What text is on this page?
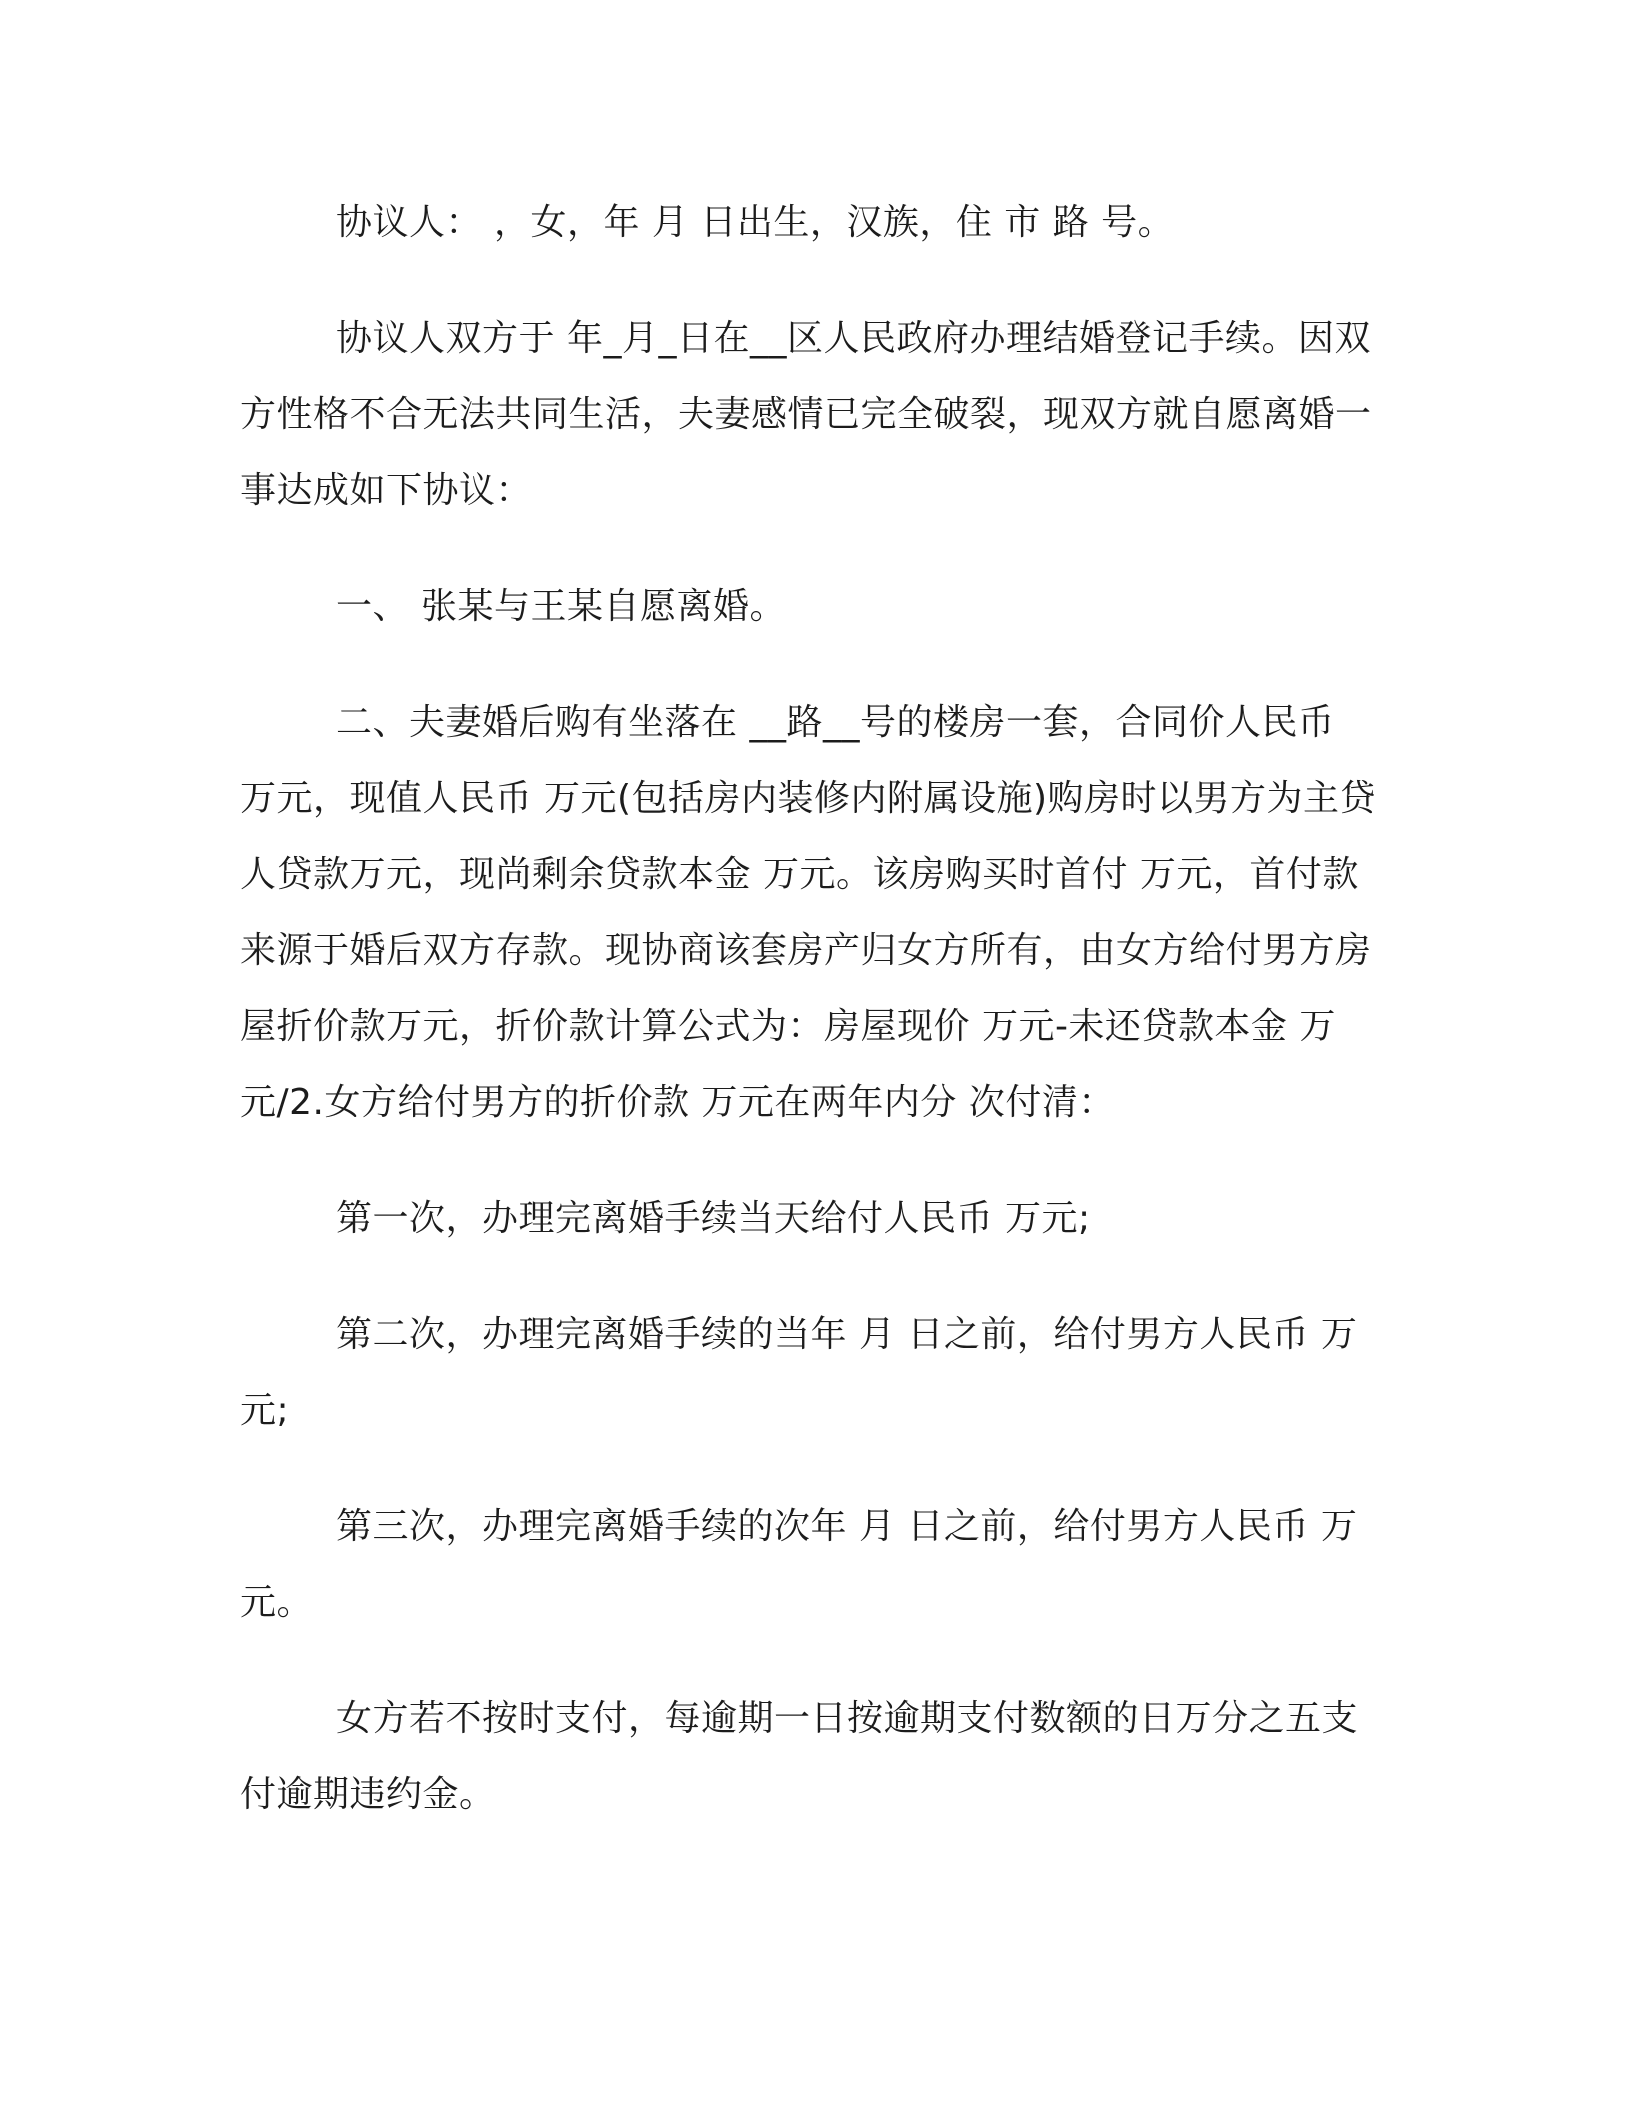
协议人： ，女，年 月 日出生，汉族，住 市 路 号。

协议人双方于 年_月_日在__区人民政府办理结婚登记手续。因双方性格不合无法共同生活，夫妻感情已完全破裂，现双方就自愿离婚一事达成如下协议：

一、 张某与王某自愿离婚。

二、夫妻婚后购有坐落在 __路__号的楼房一套，合同价人民币 万元，现值人民币 万元(包括房内装修内附属设施)购房时以男方为主贷人贷款万元，现尚剩余贷款本金 万元。该房购买时首付 万元，首付款来源于婚后双方存款。现协商该套房产归女方所有，由女方给付男方房屋折价款万元，折价款计算公式为：房屋现价 万元-未还贷款本金 万元/2.女方给付男方的折价款 万元在两年内分 次付清：

第一次，办理完离婚手续当天给付人民币 万元;

第二次，办理完离婚手续的当年 月 日之前，给付男方人民币 万元;

第三次，办理完离婚手续的次年 月 日之前，给付男方人民币 万元。

女方若不按时支付，每逾期一日按逾期支付数额的日万分之五支付逾期违约金。
